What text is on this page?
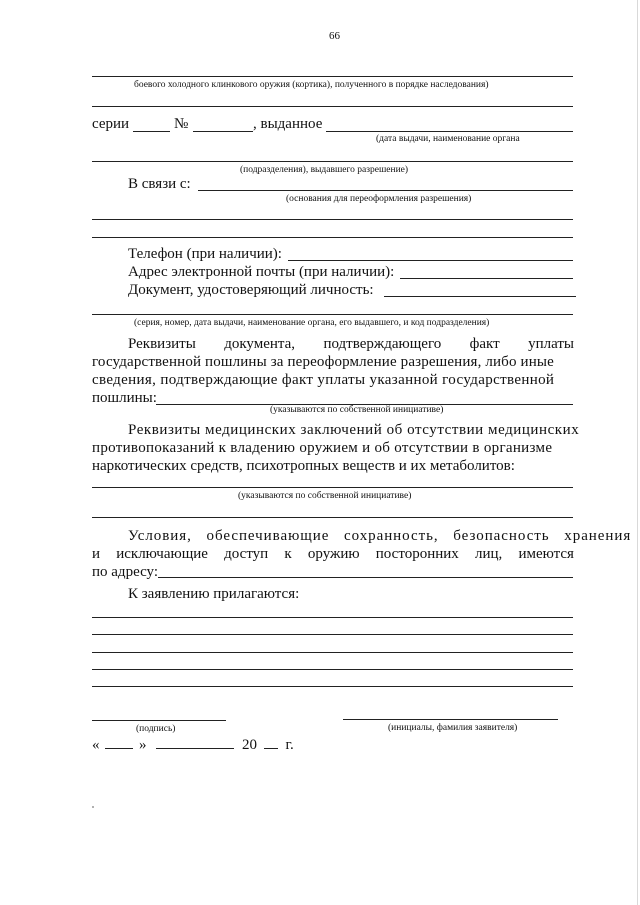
66
боевого холодного клинкового оружия (кортика), полученного в порядке наследования)
серии	№	, выданное
(дата выдачи, наименование органа
(подразделения), выдавшего разрешение)
В связи с:
(основания для переоформления разрешения)
Телефон (при наличии):
Адрес электронной почты (при наличии):
Документ, удостоверяющий личность:
(серия, номер, дата выдачи, наименование органа, его выдавшего, и код подразделения)
Реквизиты документа, подтверждающего факт уплаты
государственной пошлины за переоформление разрешения, либо иные
сведения, подтверждающие факт уплаты указанной государственной
пошлины:
(указываются по собственной инициативе)
Реквизиты медицинских заключений об отсутствии медицинских
противопоказаний к владению оружием и об отсутствии в организме
наркотических средств, психотропных веществ и их метаболитов:
(указываются по собственной инициативе)
Условия, обеспечивающие сохранность, безопасность хранения
и исключающие доступ к оружию посторонних лиц, имеются
по адресу:
К заявлению прилагаются:
(подпись)	(инициалы, фамилия заявителя)
«	»	20 г.
